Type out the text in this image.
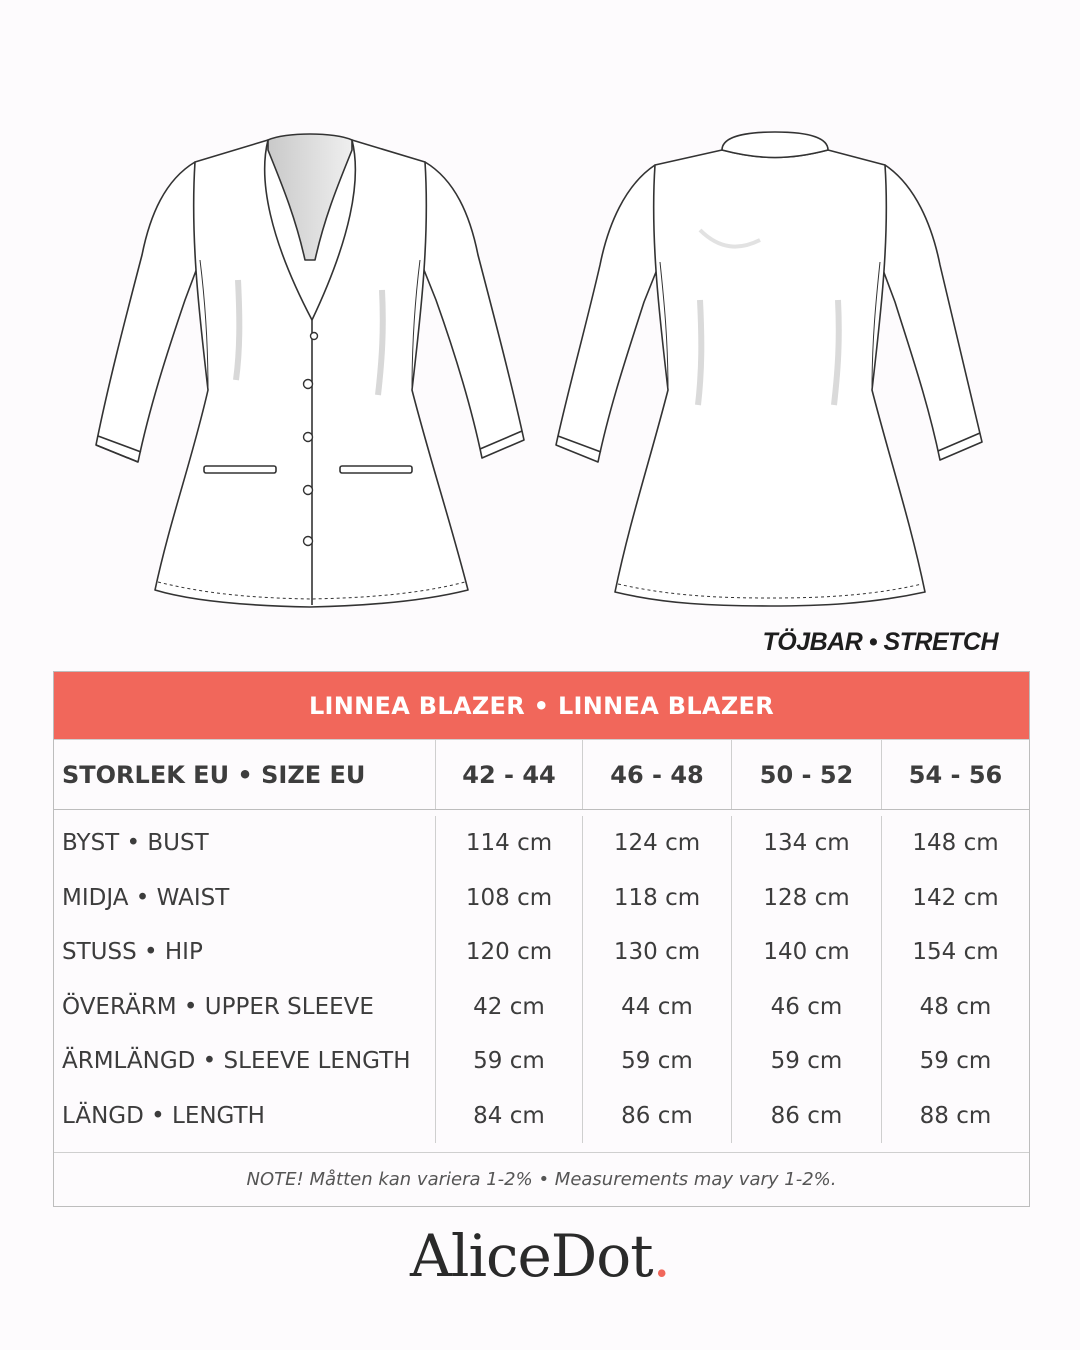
TÖJBAR • STRETCH
LINNEA BLAZER • LINNEA BLAZER
STORLEK EU • SIZE EU	42 - 44	46 - 48	50 - 52	54 - 56
BYST • BUST	114 cm	124 cm	134 cm	148 cm
MIDJA • WAIST	108 cm	118 cm	128 cm	142 cm
STUSS • HIP	120 cm	130 cm	140 cm	154 cm
ÖVERÄRM • UPPER SLEEVE	42 cm	44 cm	46 cm	48 cm
ÄRMLÄNGD • SLEEVE LENGTH	59 cm	59 cm	59 cm	59 cm
LÄNGD • LENGTH	84 cm	86 cm	86 cm	88 cm
NOTE! Måtten kan variera 1-2% • Measurements may vary 1-2%.
AliceDot.
